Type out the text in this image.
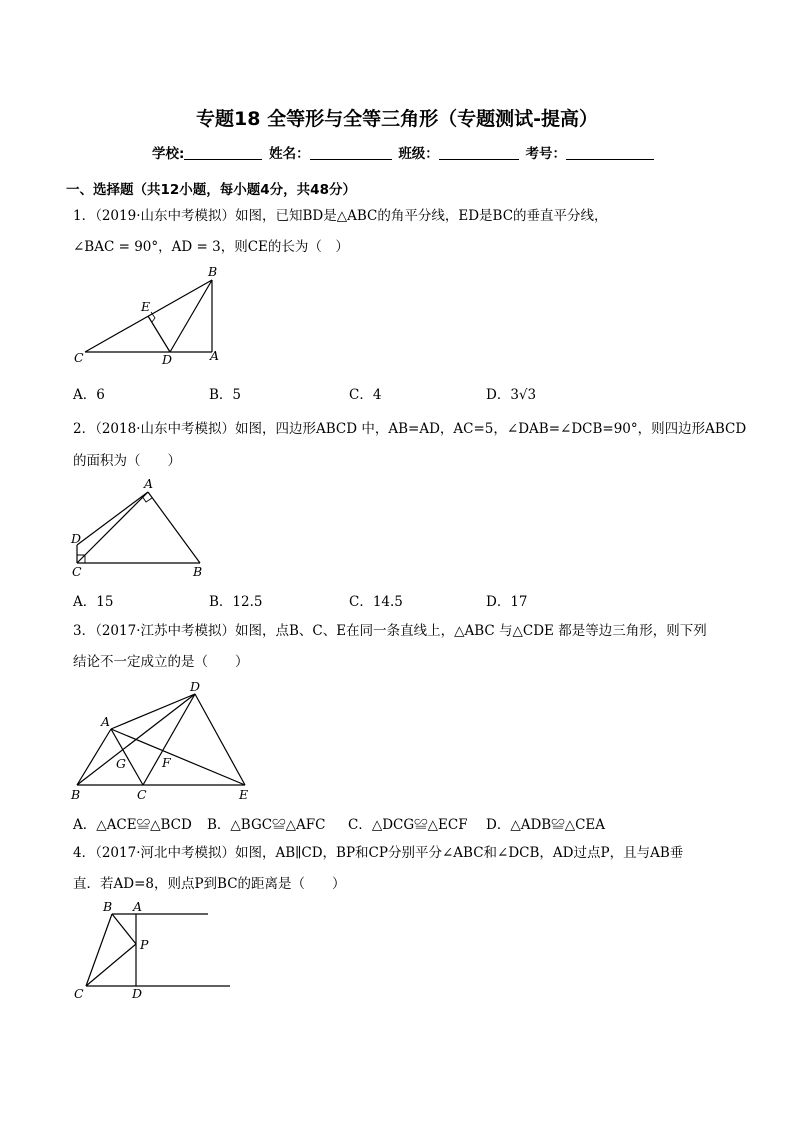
专题18 全等形与全等三角形（专题测试-提高）
学校:	姓名：	班级：	考号：
一、选择题（共12小题，每小题4分，共48分）
1．（2019·山东中考模拟）如图，已知BD是△ABC的角平分线，ED是BC的垂直平分线，
∠BAC = 90°，AD = 3，则CE的长为（　）
B
E
C	D	A
A．6	B．5	C．4	D．3√3
2．（2018·山东中考模拟）如图，四边形ABCD 中，AB=AD，AC=5，∠DAB=∠DCB=90°，则四边形ABCD
的面积为（　　）
A
D
C	B
A．15	B．12.5	C．14.5	D．17
3．（2017·江苏中考模拟）如图，点B、C、E在同一条直线上，△ABC 与△CDE 都是等边三角形，则下列
结论不一定成立的是（　　）
D
A
G	F
B	C	E
A．△ACE≌△BCD B．△BGC≌△AFC C．△DCG≌△ECF D．△ADB≌△CEA
4．（2017·河北中考模拟）如图，AB∥CD，BP和CP分别平分∠ABC和∠DCB，AD过点P，且与AB垂
直．若AD=8，则点P到BC的距离是（　　）
B A
P
C	D
